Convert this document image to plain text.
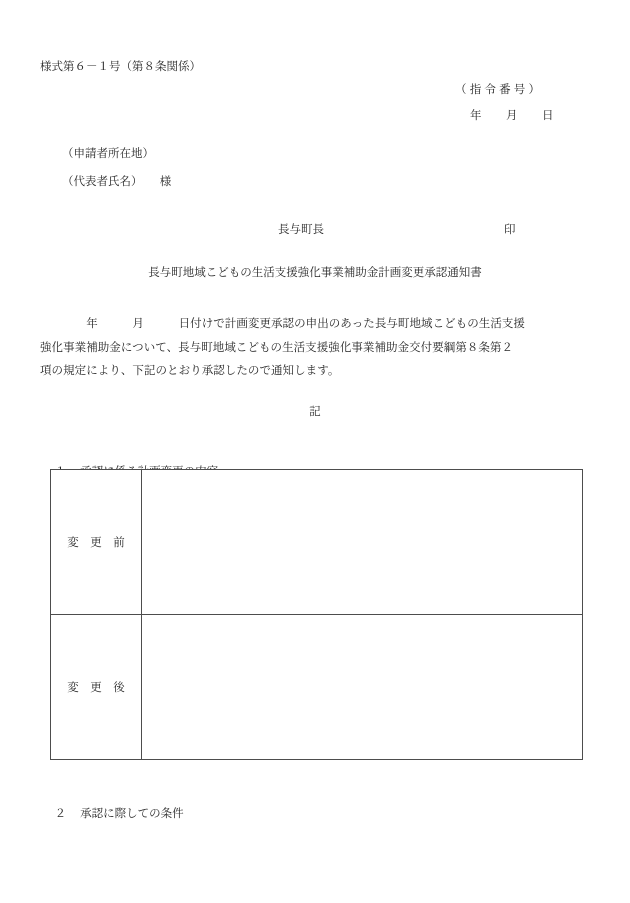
様式第６－１号（第８条関係）
（指令番号）
年　　月　　日
（申請者所在地）
（代表者氏名）　　様
長与町長	印
長与町地域こどもの生活支援強化事業補助金計画変更承認通知書
　　　　年　　　月　　　日付けで計画変更承認の申出のあった長与町地域こどもの生活支援
強化事業補助金について、長与町地域こどもの生活支援強化事業補助金交付要綱第８条第２
項の規定により、下記のとおり承認したので通知します。
記

変　更　前	
変　更　後	

２ 承認に際しての条件
